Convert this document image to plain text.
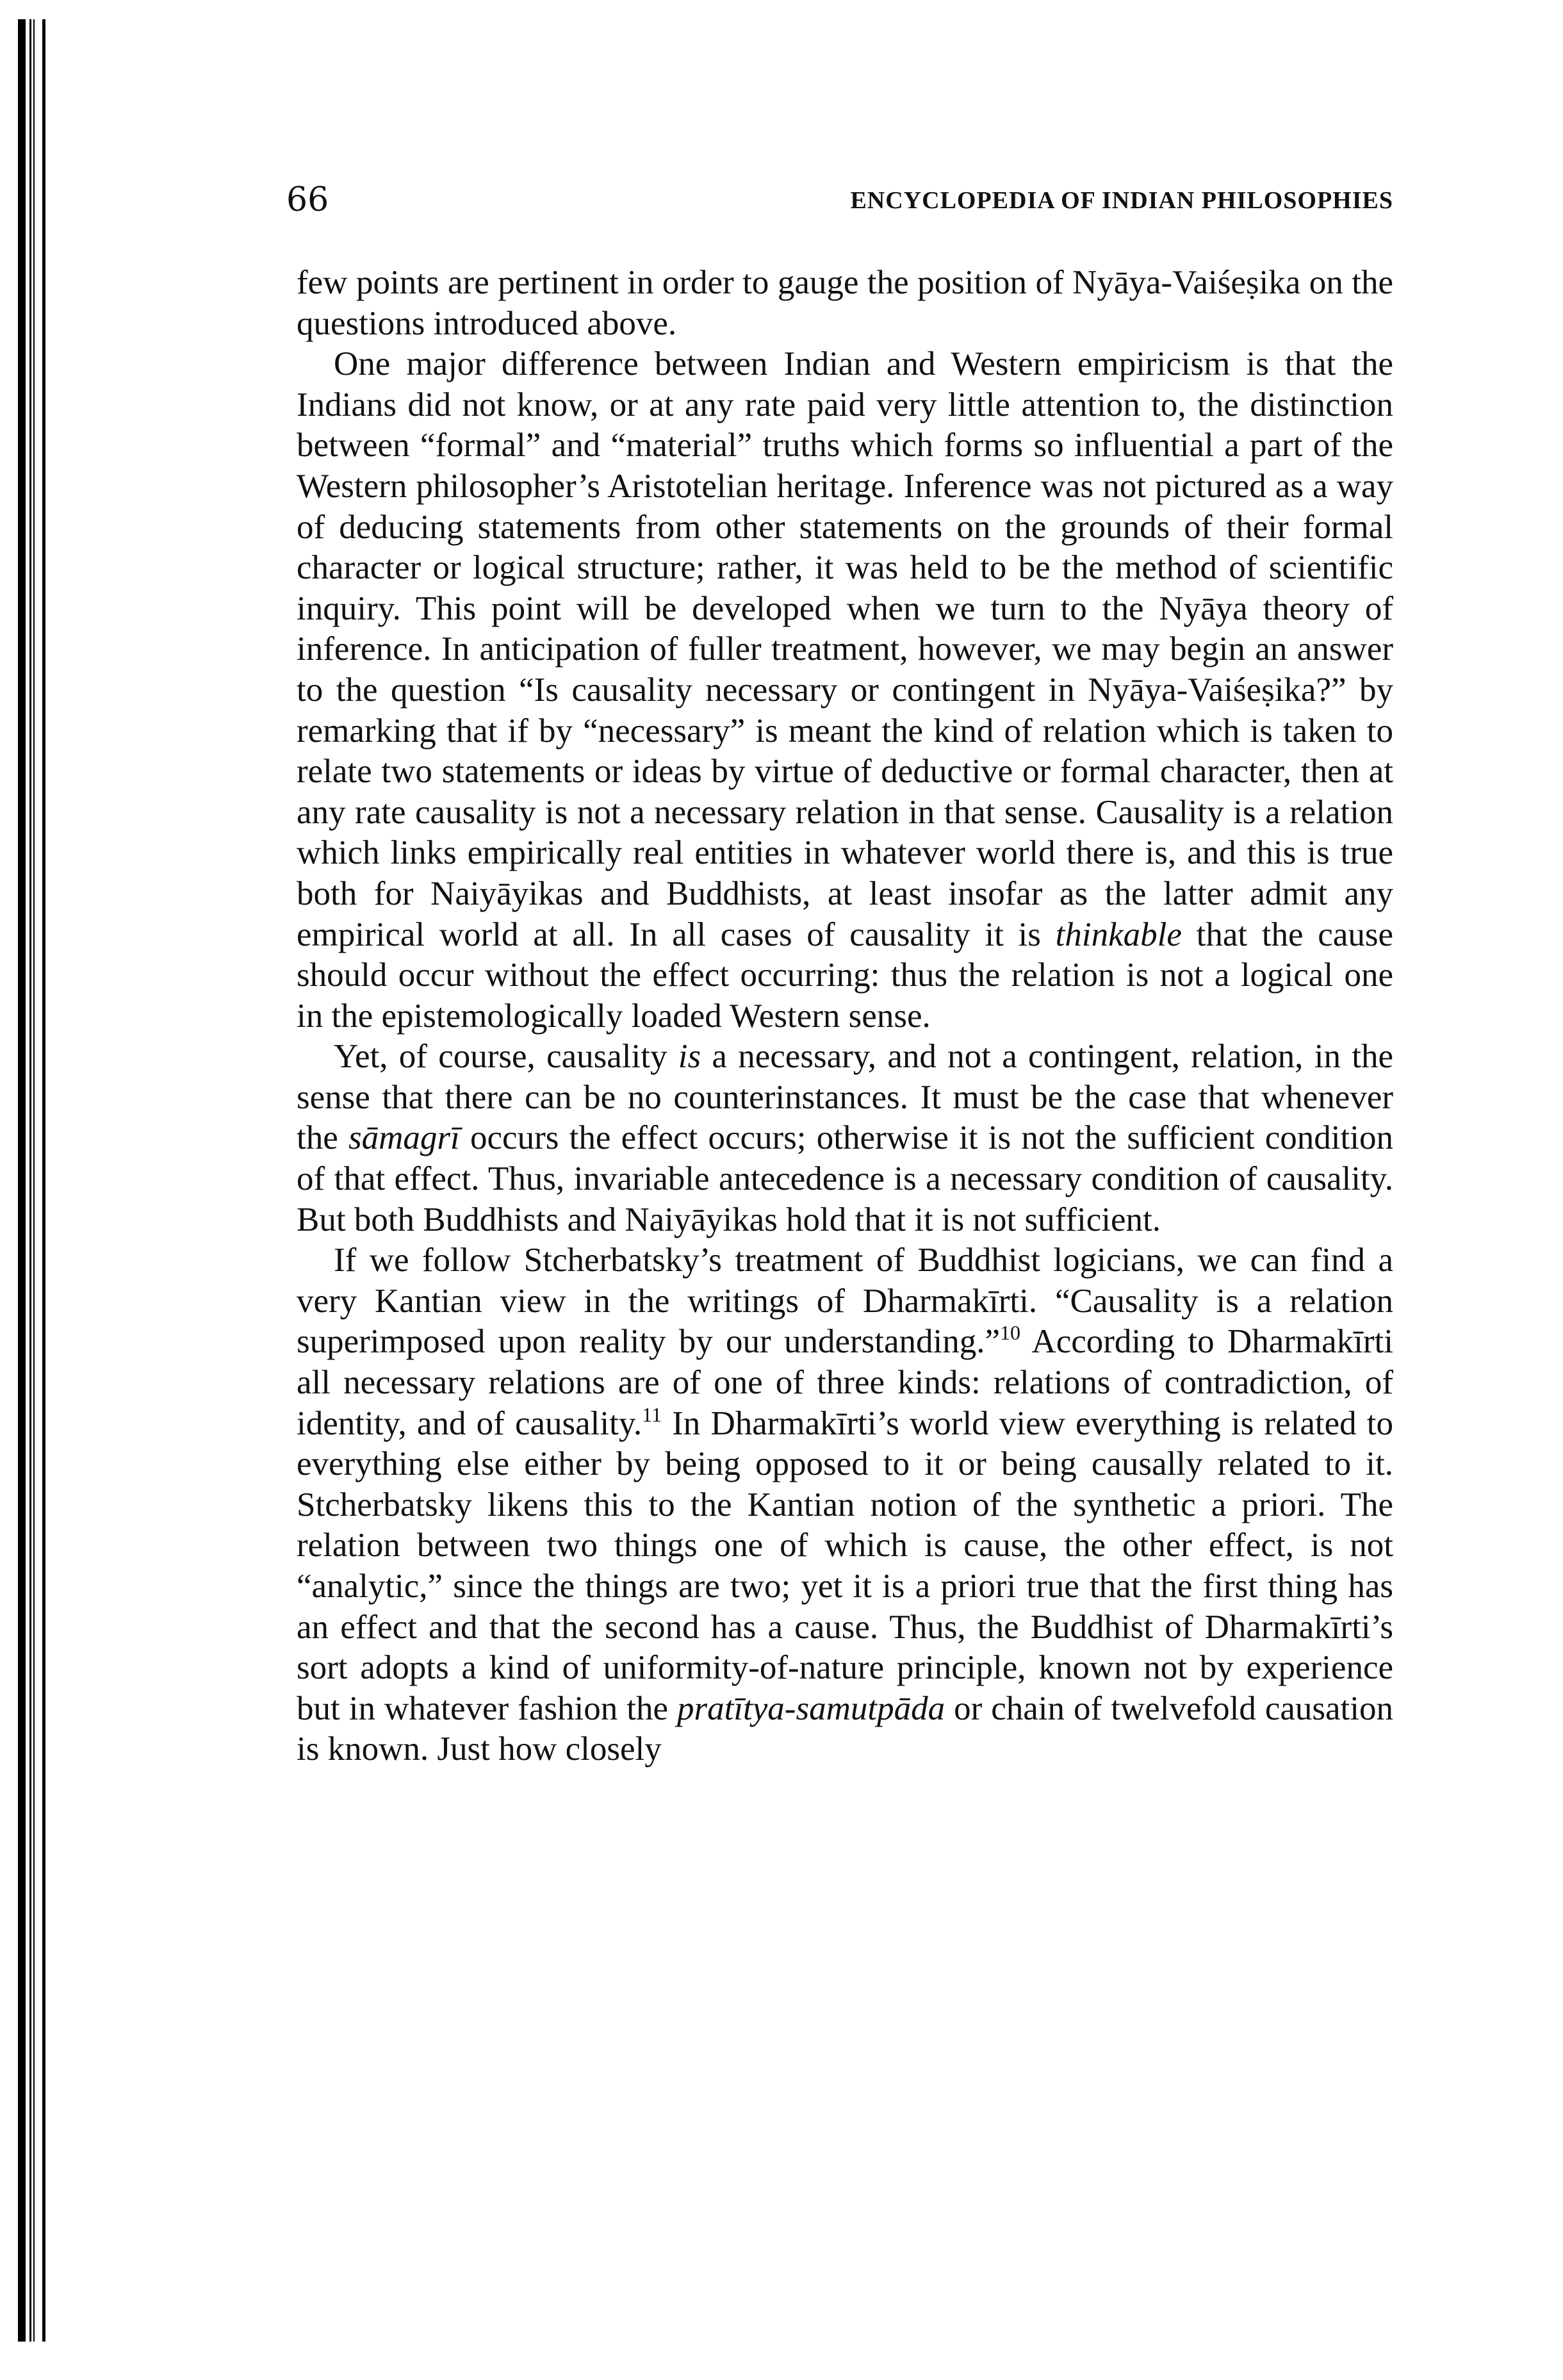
66	ENCYCLOPEDIA OF INDIAN PHILOSOPHIES

few points are pertinent in order to gauge the position of Nyāya-Vaiśeṣika on the questions introduced above.

One major difference between Indian and Western empiricism is that the Indians did not know, or at any rate paid very little attention to, the distinction between “formal” and “material” truths which forms so influential a part of the Western philosopher’s Aristotelian heritage. Inference was not pictured as a way of deducing statements from other statements on the grounds of their formal character or logical structure; rather, it was held to be the method of scientific inquiry. This point will be developed when we turn to the Nyāya theory of inference. In anticipation of fuller treatment, however, we may begin an answer to the question “Is causality necessary or contingent in Nyāya-Vaiśeṣika?” by remarking that if by “necessary” is meant the kind of relation which is taken to relate two statements or ideas by virtue of deductive or formal character, then at any rate causality is not a necessary relation in that sense. Causality is a relation which links empirically real entities in whatever world there is, and this is true both for Naiyāyikas and Buddhists, at least insofar as the latter admit any empirical world at all. In all cases of causality it is thinkable that the cause should occur without the effect occurring: thus the relation is not a logical one in the epistemologically loaded Western sense.

Yet, of course, causality is a necessary, and not a contingent, relation, in the sense that there can be no counterinstances. It must be the case that whenever the sāmagrī occurs the effect occurs; otherwise it is not the sufficient condition of that effect. Thus, invariable antecedence is a necessary condition of causality. But both Buddhists and Naiyāyikas hold that it is not sufficient.

If we follow Stcherbatsky’s treatment of Buddhist logicians, we can find a very Kantian view in the writings of Dharmakīrti. “Causality is a relation superimposed upon reality by our understanding.”$^{10}$ According to Dharmakīrti all necessary relations are of one of three kinds: relations of contradiction, of identity, and of causality.$^{11}$ In Dharmakīrti’s world view everything is related to everything else either by being opposed to it or being causally related to it. Stcherbatsky likens this to the Kantian notion of the synthetic a priori. The relation between two things one of which is cause, the other effect, is not “analytic,” since the things are two; yet it is a priori true that the first thing has an effect and that the second has a cause. Thus, the Buddhist of Dharmakīrti’s sort adopts a kind of uniformity-of-nature principle, known not by experience but in whatever fashion the pratītya-samutpāda or chain of twelvefold causation is known. Just how closely
